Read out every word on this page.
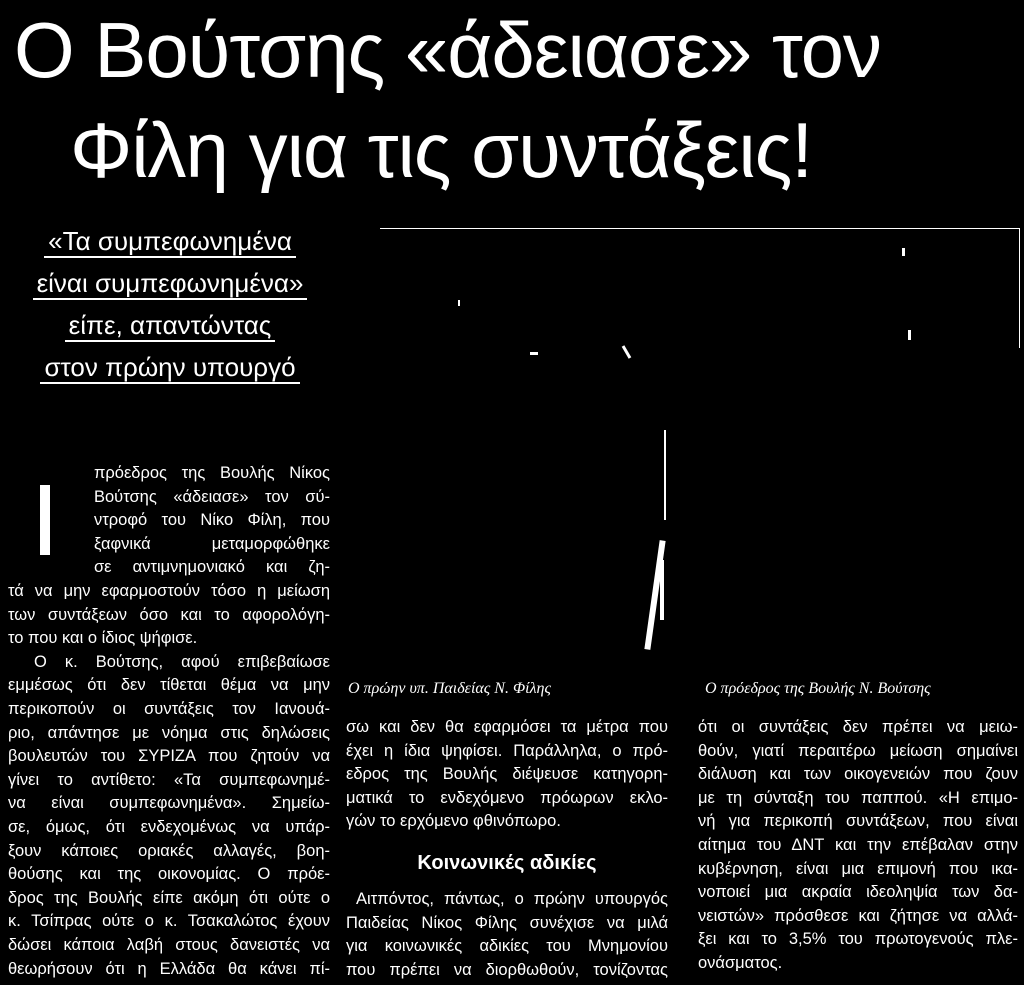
Ο Βούτσης «άδειασε» τον
Φίλη για τις συντάξεις!
«Τα συμπεφωνημένα
είναι συμπεφωνημένα»
είπε, απαντώντας
στον πρώην υπουργό
Ο πρώην υπ. Παιδείας Ν. Φίλης	Ο πρόεδρος της Βουλής Ν. Βούτσης
πρόεδρος της Βουλής Νίκος
Βούτσης «άδειασε» τον σύ-
ντροφό του Νίκο Φίλη, που
ξαφνικά μεταμορφώθηκε
σε αντιμνημονιακό και ζη-
τά να μην εφαρμοστούν τόσο η μείωση
των συντάξεων όσο και το αφορολόγη-
το που και ο ίδιος ψήφισε.
Ο κ. Βούτσης, αφού επιβεβαίωσε
εμμέσως ότι δεν τίθεται θέμα να μην
περικοπούν οι συντάξεις τον Ιανουά-
ριο, απάντησε με νόημα στις δηλώσεις
βουλευτών του ΣΥΡΙΖΑ που ζητούν να
γίνει το αντίθετο: «Τα συμπεφωνημέ-
να είναι συμπεφωνημένα». Σημείω-
σε, όμως, ότι ενδεχομένως να υπάρ-
ξουν κάποιες οριακές αλλαγές, βοη-
θούσης και της οικονομίας. Ο πρόε-
δρος της Βουλής είπε ακόμη ότι ούτε ο
κ. Τσίπρας ούτε ο κ. Τσακαλώτος έχουν
δώσει κάποια λαβή στους δανειστές να
θεωρήσουν ότι η Ελλάδα θα κάνει πί-
σω και δεν θα εφαρμόσει τα μέτρα που
έχει η ίδια ψηφίσει. Παράλληλα, ο πρό-
εδρος της Βουλής διέψευσε κατηγορη-
ματικά το ενδεχόμενο πρόωρων εκλο-
γών το ερχόμενο φθινόπωρο.
Κοινωνικές αδικίες
Αιτπόντος, πάντως, ο πρώην υπουργός
Παιδείας Νίκος Φίλης συνέχισε να μιλά
για κοινωνικές αδικίες του Μνημονίου
που πρέπει να διορθωθούν, τονίζοντας
ότι οι συντάξεις δεν πρέπει να μειω-
θούν, γιατί περαιτέρω μείωση σημαίνει
διάλυση και των οικογενειών που ζουν
με τη σύνταξη του παππού. «Η επιμο-
νή για περικοπή συντάξεων, που είναι
αίτημα του ΔΝΤ και την επέβαλαν στην
κυβέρνηση, είναι μια επιμονή που ικα-
νοποιεί μια ακραία ιδεοληψία των δα-
νειστών» πρόσθεσε και ζήτησε να αλλά-
ξει και το 3,5% του πρωτογενούς πλε-
ονάσματος.
